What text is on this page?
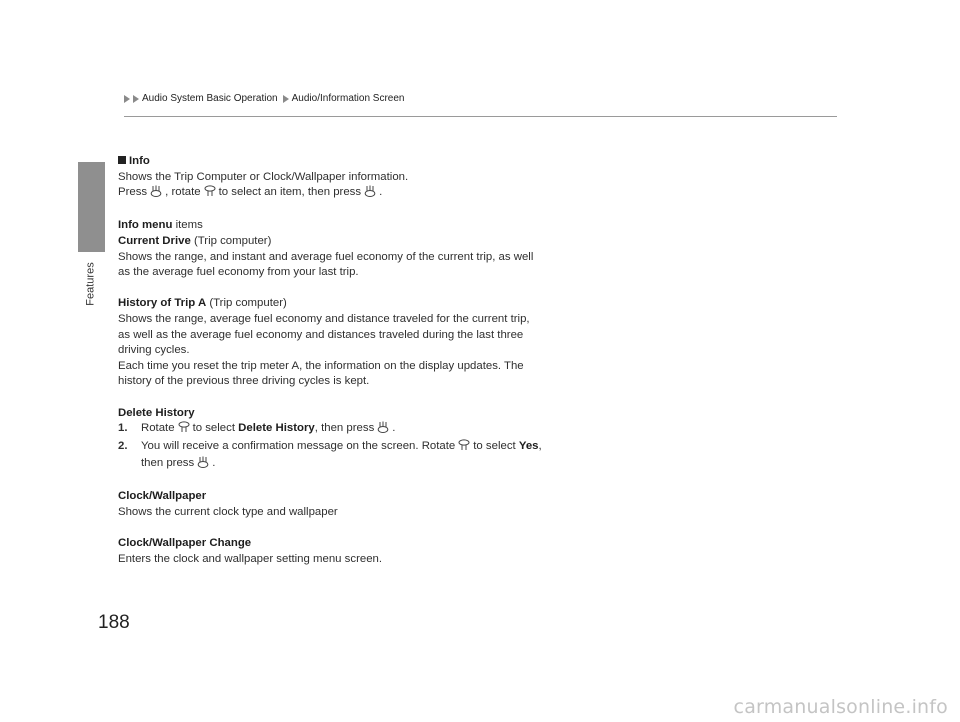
Features
Audio System Basic Operation Audio/Information Screen

Info

Shows the Trip Computer or Clock/Wallpaper information.

Press , rotate to select an item, then press .

Info menu items

Current Drive (Trip computer)

Shows the range, and instant and average fuel economy of the current trip, as well

as the average fuel economy from your last trip.

History of Trip A (Trip computer)

Shows the range, average fuel economy and distance traveled for the current trip,

as well as the average fuel economy and distances traveled during the last three

driving cycles.

Each time you reset the trip meter A, the information on the display updates. The

history of the previous three driving cycles is kept.

Delete History

1.	Rotate to select Delete History, then press .
2.	You will receive a confirmation message on the screen. Rotate to select Yes,

then press .

Clock/Wallpaper

Shows the current clock type and wallpaper

Clock/Wallpaper Change

Enters the clock and wallpaper setting menu screen.

188
carmanualsonline.info
